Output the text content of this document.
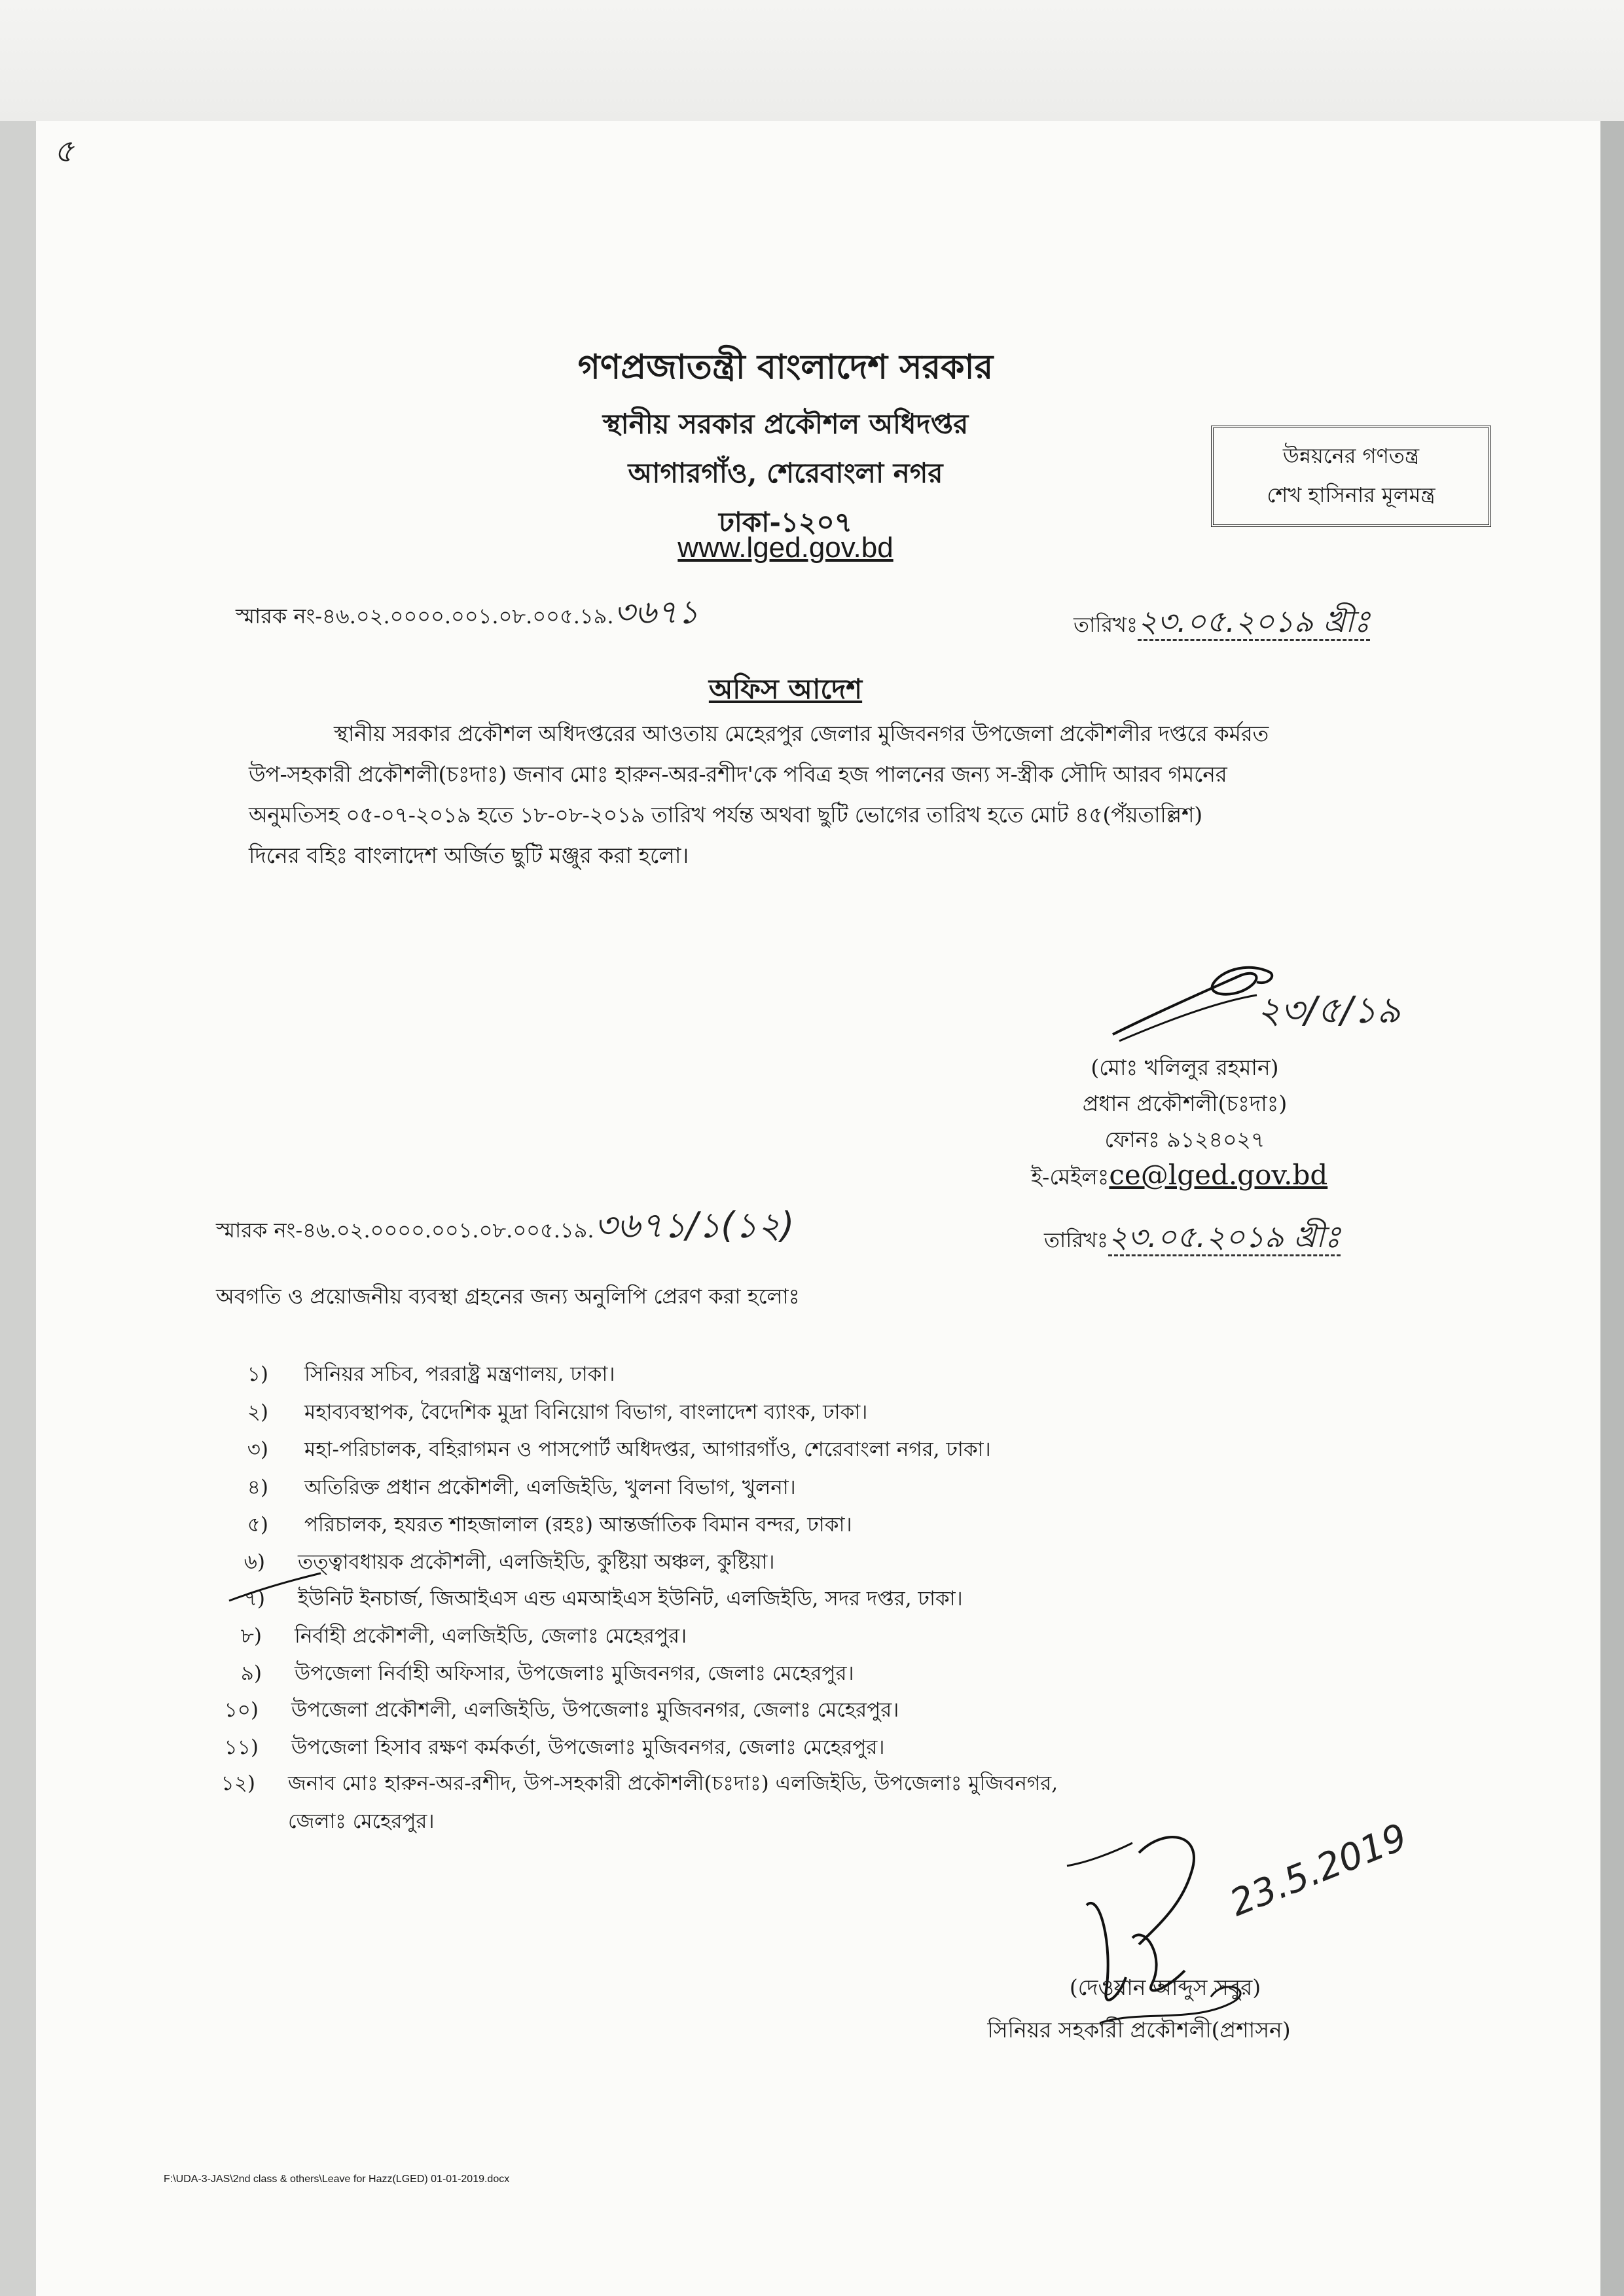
৫
গণপ্রজাতন্ত্রী বাংলাদেশ সরকার
স্থানীয় সরকার প্রকৌশল অধিদপ্তর
আগারগাঁও, শেরেবাংলা নগর
ঢাকা-১২০৭
www.lged.gov.bd
উন্নয়নের গণতন্ত্র
শেখ হাসিনার মূলমন্ত্র
স্মারক নং-৪৬.০২.০০০০.০০১.০৮.০০৫.১৯.৩৬৭১	তারিখঃ২৩.০৫.২০১৯ খ্রীঃ
অফিস আদেশ
স্থানীয় সরকার প্রকৌশল অধিদপ্তরের আওতায় মেহেরপুর জেলার মুজিবনগর উপজেলা প্রকৌশলীর দপ্তরে কর্মরত
উপ-সহকারী প্রকৌশলী(চঃদাঃ) জনাব মোঃ হারুন-অর-রশীদ'কে পবিত্র হজ পালনের জন্য স-স্ত্রীক সৌদি আরব গমনের
অনুমতিসহ ০৫-০৭-২০১৯ হতে ১৮-০৮-২০১৯ তারিখ পর্যন্ত অথবা ছুটি ভোগের তারিখ হতে মোট ৪৫(পঁয়তাল্লিশ)
দিনের বহিঃ বাংলাদেশ অর্জিত ছুটি মঞ্জুর করা হলো।
২৩/৫/১৯
(মোঃ খলিলুর রহমান)
প্রধান প্রকৌশলী(চঃদাঃ)
ফোনঃ ৯১২৪০২৭
ই-মেইলঃce@lged.gov.bd
স্মারক নং-৪৬.০২.০০০০.০০১.০৮.০০৫.১৯.৩৬৭১/১(১২)	তারিখঃ২৩.০৫.২০১৯ খ্রীঃ
অবগতি ও প্রয়োজনীয় ব্যবস্থা গ্রহনের জন্য অনুলিপি প্রেরণ করা হলোঃ
১) সিনিয়র সচিব, পররাষ্ট্র মন্ত্রণালয়, ঢাকা।
২) মহাব্যবস্থাপক, বৈদেশিক মুদ্রা বিনিয়োগ বিভাগ, বাংলাদেশ ব্যাংক, ঢাকা।
৩) মহা-পরিচালক, বহিরাগমন ও পাসপোর্ট অধিদপ্তর, আগারগাঁও, শেরেবাংলা নগর, ঢাকা।
৪) অতিরিক্ত প্রধান প্রকৌশলী, এলজিইডি, খুলনা বিভাগ, খুলনা।
৫) পরিচালক, হযরত শাহজালাল (রহঃ) আন্তর্জাতিক বিমান বন্দর, ঢাকা।
৬) তত্ত্বাবধায়ক প্রকৌশলী, এলজিইডি, কুষ্টিয়া অঞ্চল, কুষ্টিয়া।
৭) ইউনিট ইনচার্জ, জিআইএস এন্ড এমআইএস ইউনিট, এলজিইডি, সদর দপ্তর, ঢাকা।
৮) নির্বাহী প্রকৌশলী, এলজিইডি, জেলাঃ মেহেরপুর।
৯) উপজেলা নির্বাহী অফিসার, উপজেলাঃ মুজিবনগর, জেলাঃ মেহেরপুর।
১০) উপজেলা প্রকৌশলী, এলজিইডি, উপজেলাঃ মুজিবনগর, জেলাঃ মেহেরপুর।
১১) উপজেলা হিসাব রক্ষণ কর্মকর্তা, উপজেলাঃ মুজিবনগর, জেলাঃ মেহেরপুর।
১২) জনাব মোঃ হারুন-অর-রশীদ, উপ-সহকারী প্রকৌশলী(চঃদাঃ) এলজিইডি, উপজেলাঃ মুজিবনগর,
জেলাঃ মেহেরপুর।	23.5.2019
(দেওয়ান আব্দুস সবুর)
সিনিয়র সহকারী প্রকৌশলী(প্রশাসন)
F:\UDA-3-JAS\2nd class & others\Leave for Hazz(LGED) 01-01-2019.docx
